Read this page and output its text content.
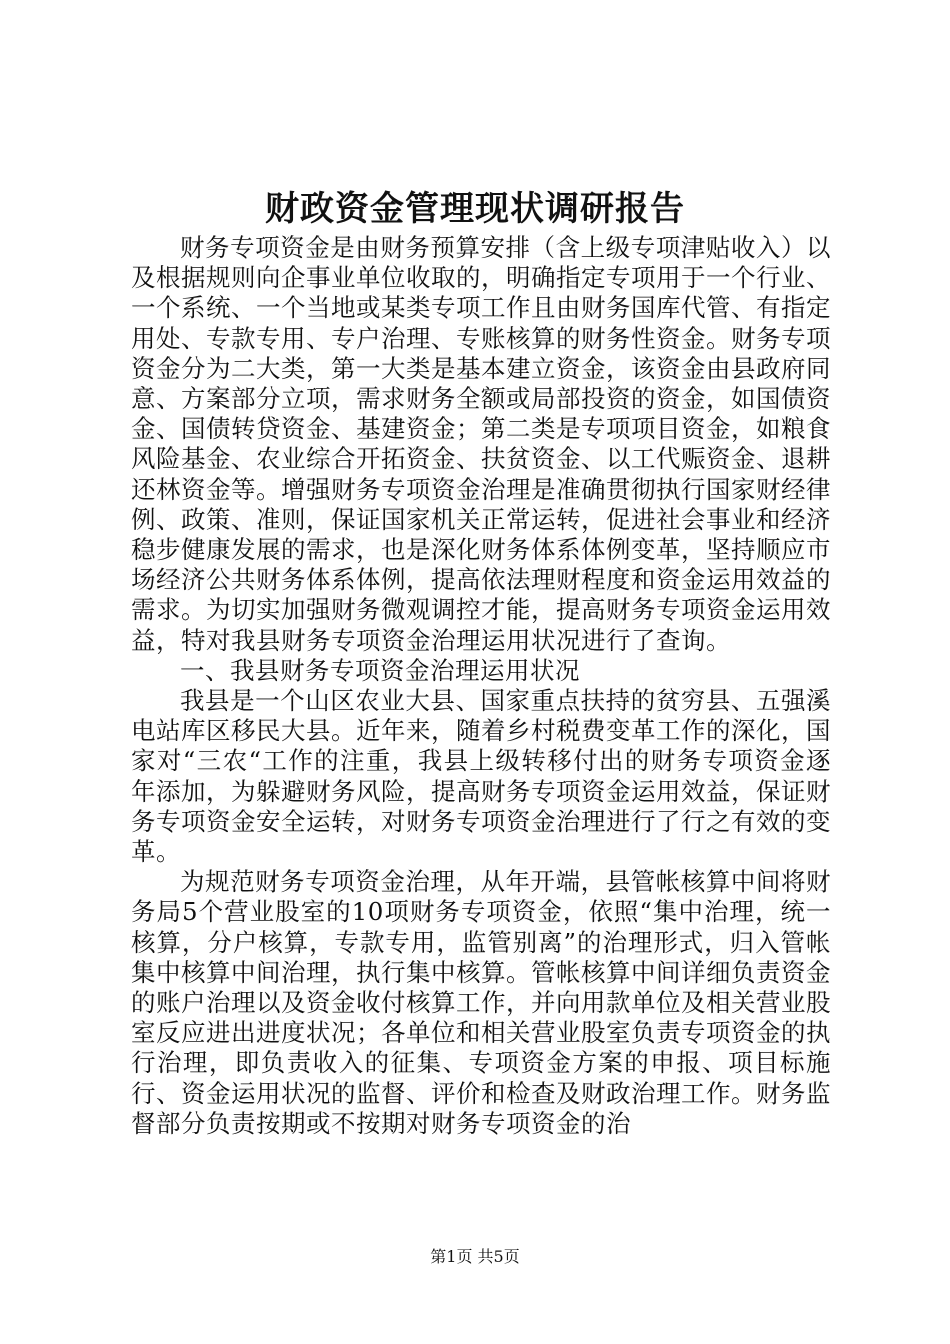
财政资金管理现状调研报告

财务专项资金是由财务预算安排（含上级专项津贴收入）以及根据规则向企事业单位收取的，明确指定专项用于一个行业、一个系统、一个当地或某类专项工作且由财务国库代管、有指定用处、专款专用、专户治理、专账核算的财务性资金。财务专项资金分为二大类，第一大类是基本建立资金，该资金由县政府同意、方案部分立项，需求财务全额或局部投资的资金，如国债资金、国债转贷资金、基建资金；第二类是专项项目资金，如粮食风险基金、农业综合开拓资金、扶贫资金、以工代赈资金、退耕还林资金等。增强财务专项资金治理是准确贯彻执行国家财经律例、政策、准则，保证国家机关正常运转，促进社会事业和经济稳步健康发展的需求，也是深化财务体系体例变革，坚持顺应市场经济公共财务体系体例，提高依法理财程度和资金运用效益的需求。为切实加强财务微观调控才能，提高财务专项资金运用效益，特对我县财务专项资金治理运用状况进行了查询。

一、我县财务专项资金治理运用状况

我县是一个山区农业大县、国家重点扶持的贫穷县、五强溪电站库区移民大县。近年来，随着乡村税费变革工作的深化，国家对“三农“工作的注重，我县上级转移付出的财务专项资金逐年添加，为躲避财务风险，提高财务专项资金运用效益，保证财务专项资金安全运转，对财务专项资金治理进行了行之有效的变革。

为规范财务专项资金治理，从年开端，县管帐核算中间将财务局5个营业股室的10项财务专项资金，依照“集中治理，统一核算，分户核算，专款专用，监管别离”的治理形式，归入管帐集中核算中间治理，执行集中核算。管帐核算中间详细负责资金的账户治理以及资金收付核算工作，并向用款单位及相关营业股室反应进出进度状况；各单位和相关营业股室负责专项资金的执行治理，即负责收入的征集、专项资金方案的申报、项目标施行、资金运用状况的监督、评价和检查及财政治理工作。财务监督部分负责按期或不按期对财务专项资金的治

第1页 共5页
